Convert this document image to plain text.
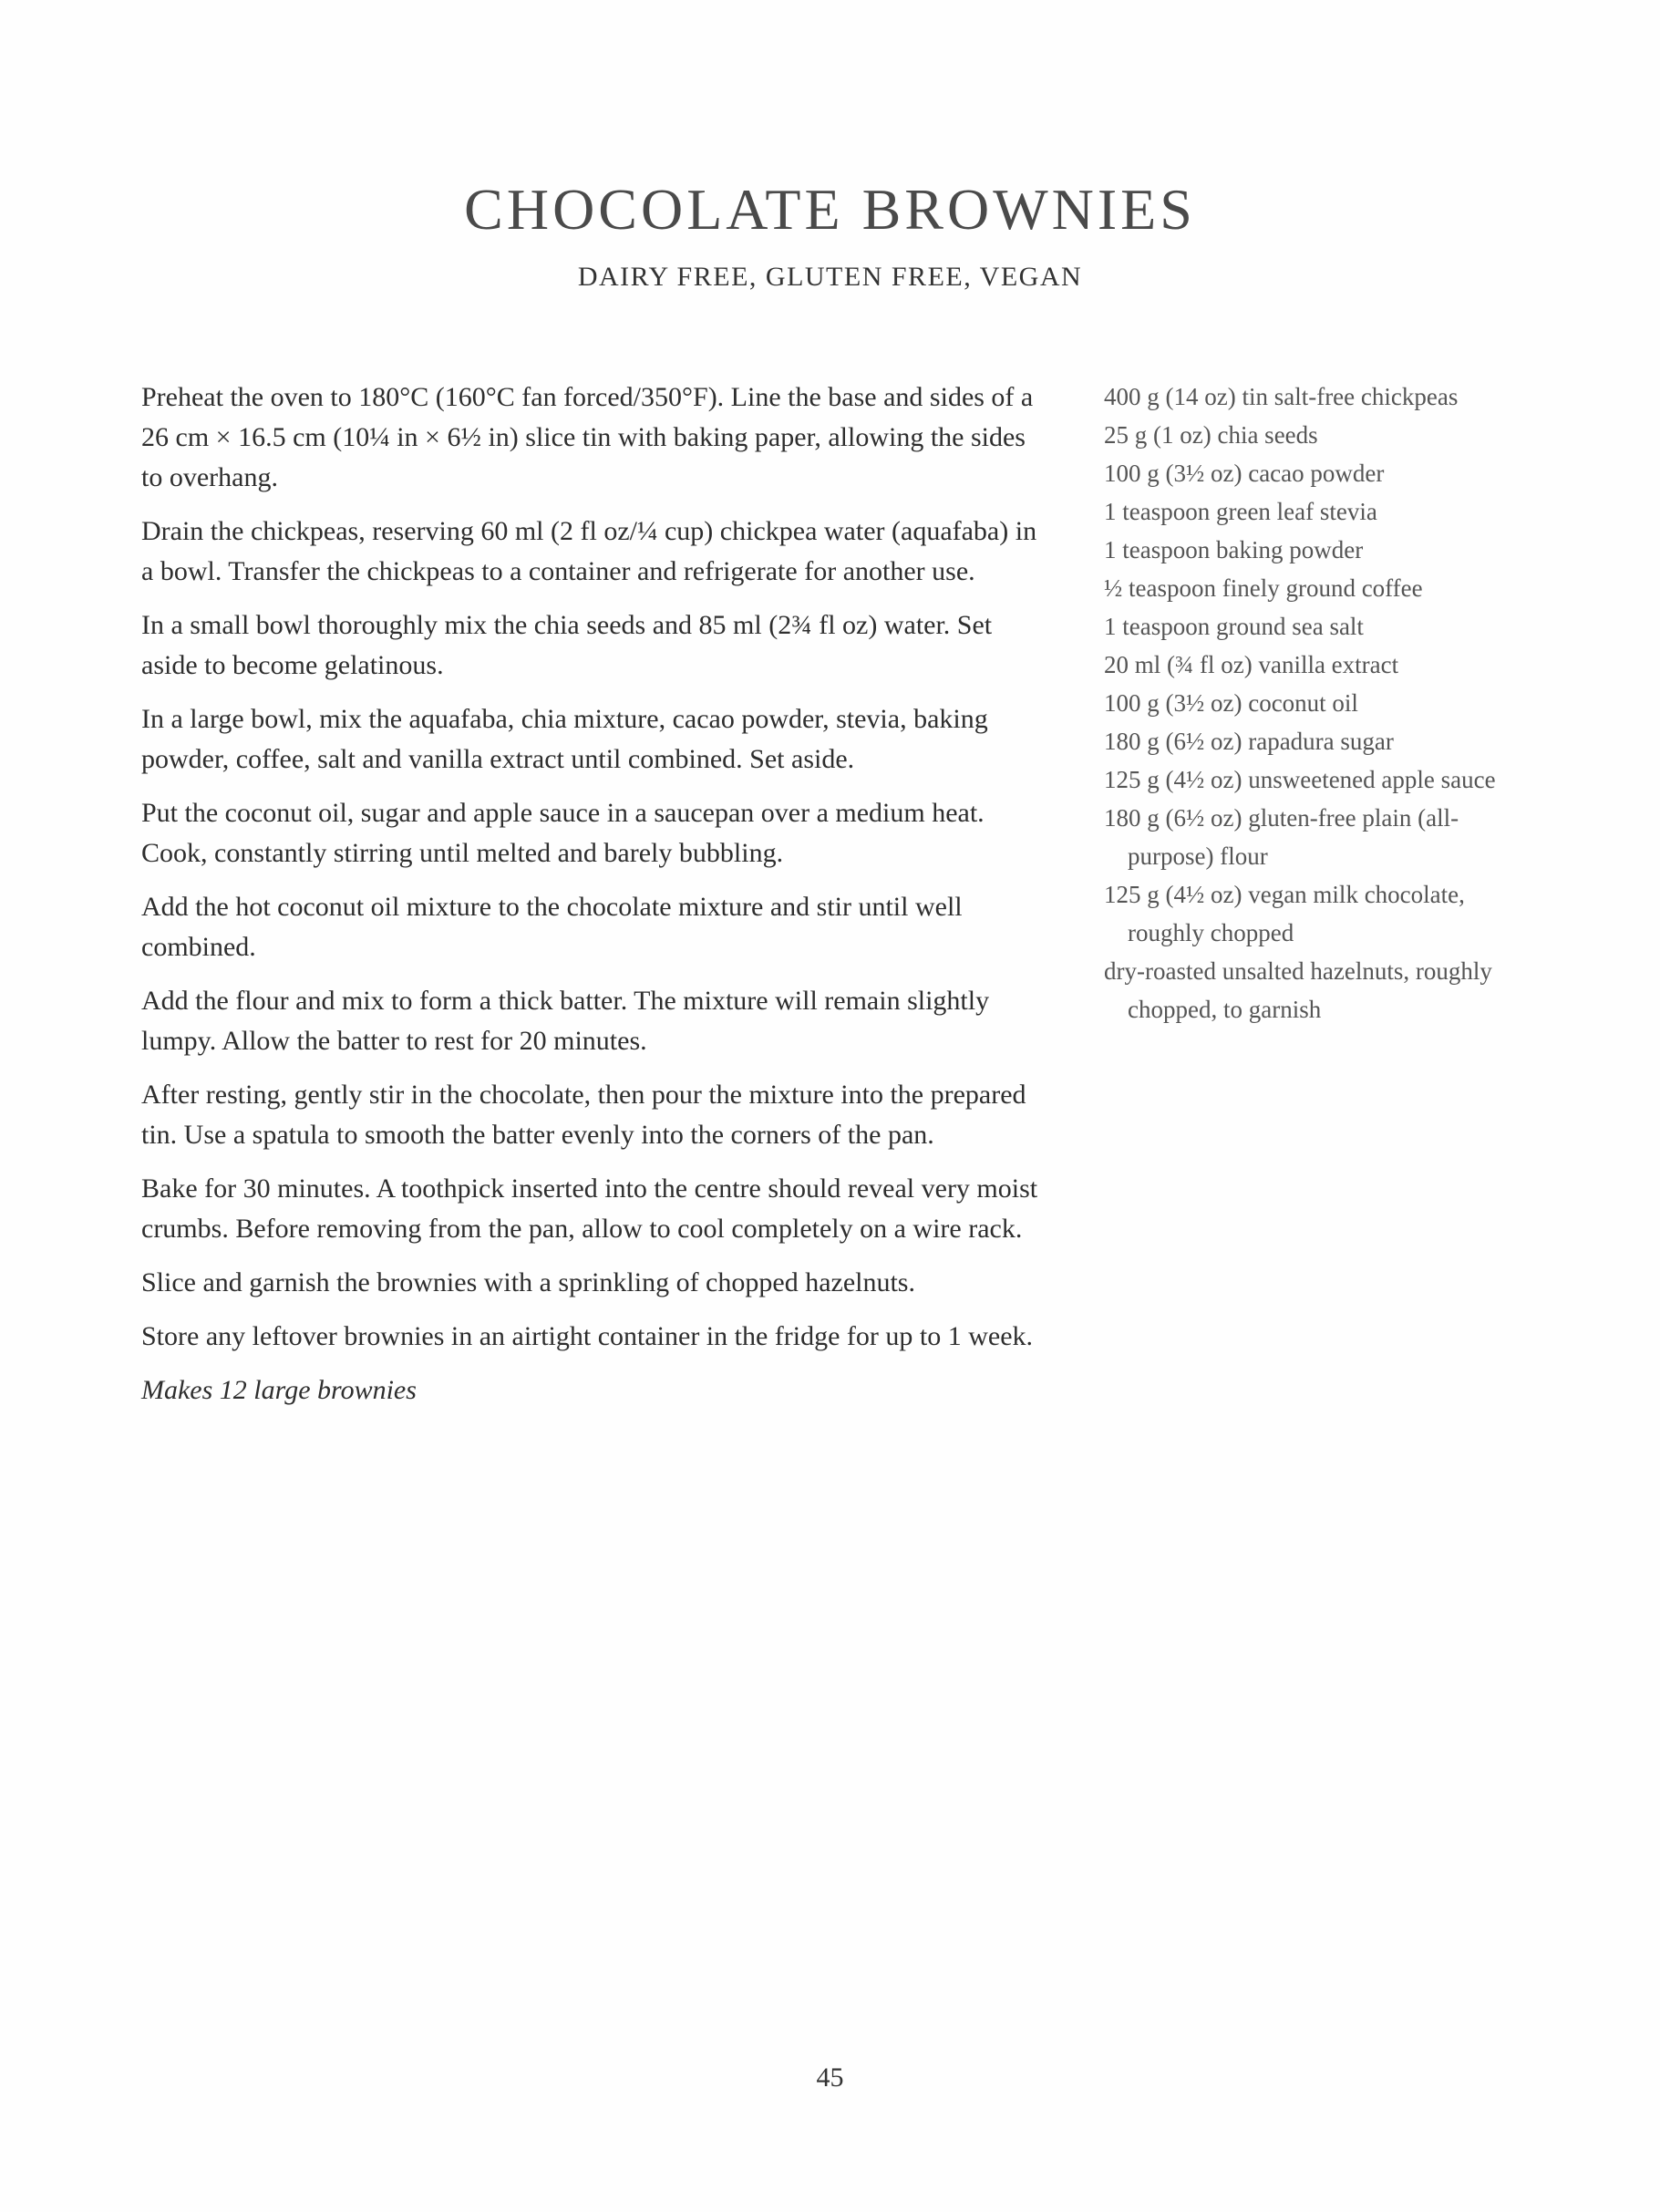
CHOCOLATE BROWNIES
DAIRY FREE, GLUTEN FREE, VEGAN

Preheat the oven to 180°C (160°C fan forced/350°F). Line the base and sides of a 26 cm × 16.5 cm (10¼ in × 6½ in) slice tin with baking paper, allowing the sides to overhang.

Drain the chickpeas, reserving 60 ml (2 fl oz/¼ cup) chickpea water (aquafaba) in a bowl. Transfer the chickpeas to a container and refrigerate for another use.

In a small bowl thoroughly mix the chia seeds and 85 ml (2¾ fl oz) water. Set aside to become gelatinous.

In a large bowl, mix the aquafaba, chia mixture, cacao powder, stevia, baking powder, coffee, salt and vanilla extract until combined. Set aside.

Put the coconut oil, sugar and apple sauce in a saucepan over a medium heat. Cook, constantly stirring until melted and barely bubbling.

Add the hot coconut oil mixture to the chocolate mixture and stir until well combined.

Add the flour and mix to form a thick batter. The mixture will remain slightly lumpy. Allow the batter to rest for 20 minutes.

After resting, gently stir in the chocolate, then pour the mixture into the prepared tin. Use a spatula to smooth the batter evenly into the corners of the pan.

Bake for 30 minutes. A toothpick inserted into the centre should reveal very moist crumbs. Before removing from the pan, allow to cool completely on a wire rack.

Slice and garnish the brownies with a sprinkling of chopped hazelnuts.

Store any leftover brownies in an airtight container in the fridge for up to 1 week.

Makes 12 large brownies

400 g (14 oz) tin salt-free chickpeas
25 g (1 oz) chia seeds
100 g (3½ oz) cacao powder
1 teaspoon green leaf stevia
1 teaspoon baking powder
½ teaspoon finely ground coffee
1 teaspoon ground sea salt
20 ml (¾ fl oz) vanilla extract
100 g (3½ oz) coconut oil
180 g (6½ oz) rapadura sugar
125 g (4½ oz) unsweetened apple sauce
180 g (6½ oz) gluten-free plain (all-purpose) flour
125 g (4½ oz) vegan milk chocolate, roughly chopped
dry-roasted unsalted hazelnuts, roughly chopped, to garnish
45
